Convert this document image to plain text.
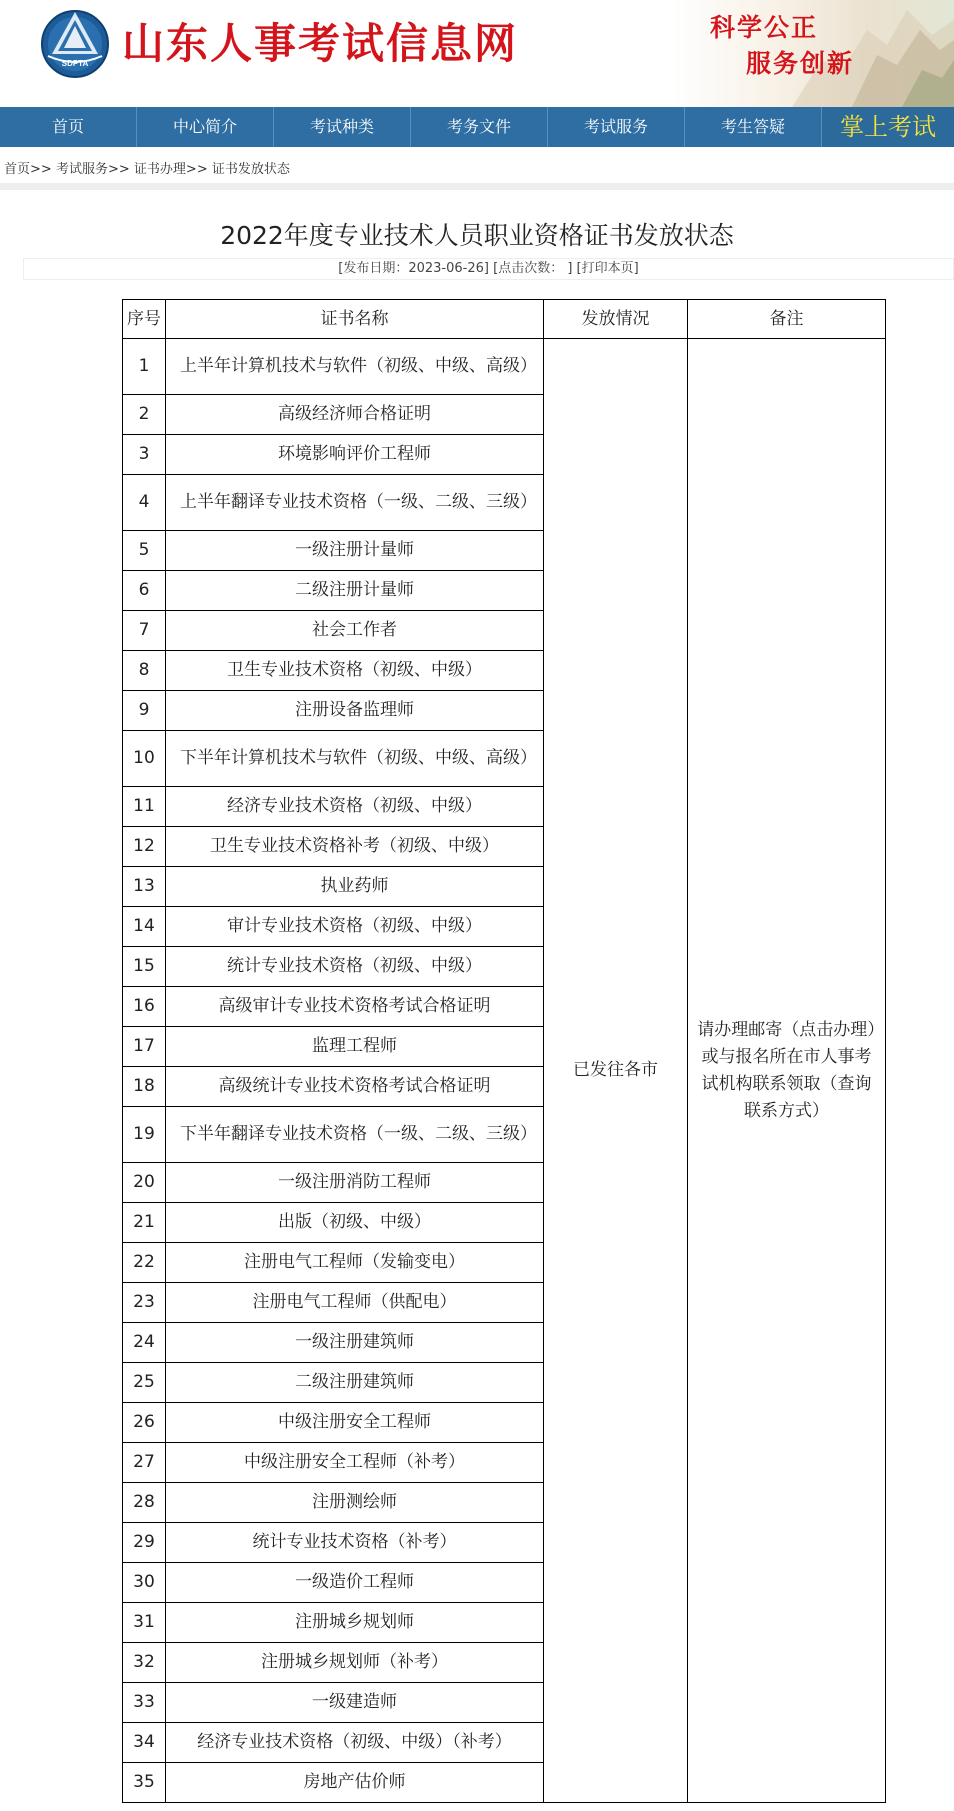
SDPTA 山东人事考试信息网	科学公正
服务创新
首页	中心简介	考试种类	考务文件	考试服务	考生答疑	掌上考试
首页>> 考试服务>> 证书办理>> 证书发放状态
2022年度专业技术人员职业资格证书发放状态
[发布日期：2023-06-26] [点击次数： ] [打印本页]
序号	证书名称	发放情况	备注
1	上半年计算机技术与软件（初级、中级、高级）	已发往各市	请办理邮寄（点击办理）或与报名所在市人事考试机构联系领取（查询联系方式）
2	高级经济师合格证明		
3	环境影响评价工程师		
4	上半年翻译专业技术资格（一级、二级、三级）		
5	一级注册计量师		
6	二级注册计量师		
7	社会工作者		
8	卫生专业技术资格（初级、中级）		
9	注册设备监理师		
10	下半年计算机技术与软件（初级、中级、高级）		
11	经济专业技术资格（初级、中级）		
12	卫生专业技术资格补考（初级、中级）		
13	执业药师		
14	审计专业技术资格（初级、中级）		
15	统计专业技术资格（初级、中级）		
16	高级审计专业技术资格考试合格证明		
17	监理工程师		
18	高级统计专业技术资格考试合格证明		
19	下半年翻译专业技术资格（一级、二级、三级）		
20	一级注册消防工程师		
21	出版（初级、中级）		
22	注册电气工程师（发输变电）		
23	注册电气工程师（供配电）		
24	一级注册建筑师		
25	二级注册建筑师		
26	中级注册安全工程师		
27	中级注册安全工程师（补考）		
28	注册测绘师		
29	统计专业技术资格（补考）		
30	一级造价工程师		
31	注册城乡规划师		
32	注册城乡规划师（补考）		
33	一级建造师		
34	经济专业技术资格（初级、中级）（补考）		
35	房地产估价师		
